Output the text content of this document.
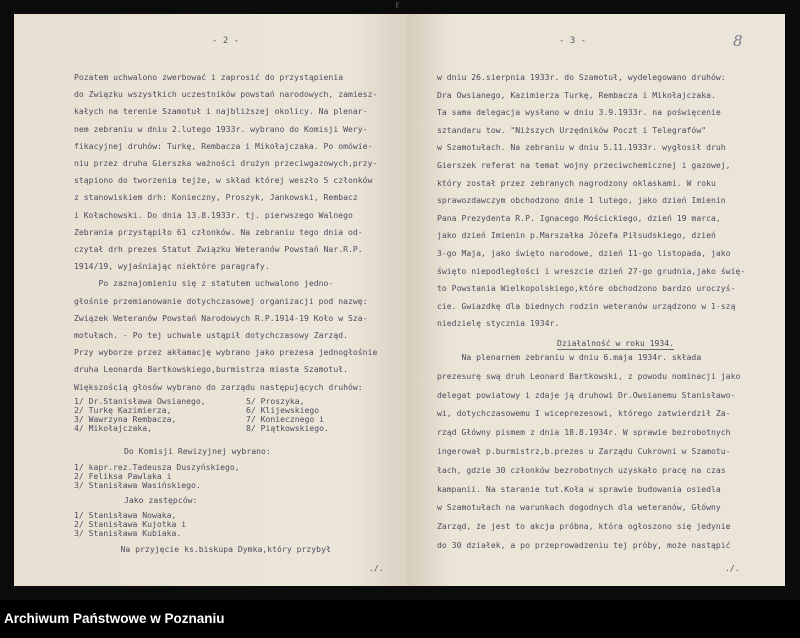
ℓ
- 2 -
Pozatem uchwalono zwerbować i zaprosić do przystąpienia
do Związku wszystkich uczestników powstań narodowych, zamiesz-
kałych na terenie Szamotuł i najbliższej okolicy. Na plenar-
nem zebraniu w dniu 2.lutego 1933r. wybrano do Komisji Wery-
fikacyjnej druhów: Turkę, Rembacza i Mikołajczaka. Po omówie-
niu przez druha Gierszka ważności drużyn przeciwgazowych,przy-
stąpiono do tworzenia tejże, w skład której weszło 5 członków
z stanowiskiem drh: Konieczny, Proszyk, Jankowski, Rembacz
i Kołachowski. Do dnia 13.8.1933r. tj. pierwszego Walnego
Zebrania przystąpiło 61 członków. Na zebraniu tego dnia od-
czytał drh prezes Statut Związku Weteranów Powstań Nar.R.P.
1914/19, wyjaśniając niektóre paragrafy.
Po zaznajomieniu się z statutem uchwalono jedno-
głośnie przemianowanie dotychczasowej organizacji pod nazwę:
Związek Weteranów Powstań Narodowych R.P.1914-19 Koło w Sza-
motułach. - Po tej uchwale ustąpił dotychczasowy Zarząd.
Przy wyborze przez akłamację wybrano jako prezesa jednogłośnie
druha Leonarda Bartkowskiego,burmistrza miasta Szamotuł.
Większością głosów wybrano do zarządu następujących druhów:
1/ Dr.Stanisława Owsianego,
2/ Turkę Kazimierza,
3/ Wawrzyna Rembacza,
4/ Mikołajczaka,
5/ Proszyka,
6/ Klijewskiego
7/ Koniecznego i
8/ Piątkowskiego.
Do Komisji Rewizyjnej wybrano:
1/ kapr.rez.Tadeusza Duszyńskiego,
2/ Feliksa Pawlaka i
3/ Stanisława Wasińskiego.
Jako zastępców:
1/ Stanisława Nowaka,
2/ Stanisława Kujotka i
3/ Stanisława Kubiaka.
Na przyjęcie ks.biskupa Dymka,który przybył
./.
- 3 -	8
w dniu 26.sierpnia 1933r. do Szamotuł, wydelegowano druhów:
Dra Owsianego, Kazimierza Turkę, Rembacza i Mikołajczaka.
Ta sama delegacja wysłano w dniu 3.9.1933r. na poświęcenie
sztandaru tow. "Niższych Urzędników Poczt i Telegrafów"
w Szamotułach. Na zebraniu w dniu 5.11.1933r. wygłosił druh
Gierszek referat na temat wojny przeciwchemicznej i gazowej,
który został przez zebranych nagrodzony oklaskami. W roku
sprawozdawczym obchodzono dnie 1 lutego, jako dzień Imienin
Pana Prezydenta R.P. Ignacego Mościckiego, dzień 19 marca,
jako dzień Imienin p.Marszałka Józefa Piłsudskiego, dzień
3-go Maja, jako święto narodowe, dzień 11-go listopada, jako
święto niepodległości i wreszcie dzień 27-go grudnia,jako świę-
to Powstania Wielkopolskiego,które obchodzono bardzo uroczyś-
cie. Gwiazdkę dla biednych rodzin weteranów urządzono w 1-szą
niedzielę stycznia 1934r.
Działalność w roku 1934.
Na plenarnem zebraniu w dniu 6.maja 1934r. składa
prezesurę swą druh Leonard Bartkowski, z powodu nominacji jako
delegat powiatowy i zdaje ją druhowi Dr.Owsianemu Stanisławo-
wi, dotychczasowemu I wiceprezesowi, którego zatwierdził Za-
rząd Główny pismem z dnia 18.8.1934r. W sprawie bezrobotnych
ingerował p.burmistrz,b.prezes u Zarządu Cukrowni w Szamotu-
łach, gdzie 30 członków bezrobotnych uzyskało pracę na czas
kampanii. Na staranie tut.Koła w sprawie budowania osiedla
w Szamotułach na warunkach dogodnych dla weteranów, Główny
Zarząd, że jest to akcja próbna, która ogłoszono się jedynie
do 30 działek, a po przeprowadzeniu tej próby, może nastąpić
./.
Archiwum Państwowe w Poznaniu
